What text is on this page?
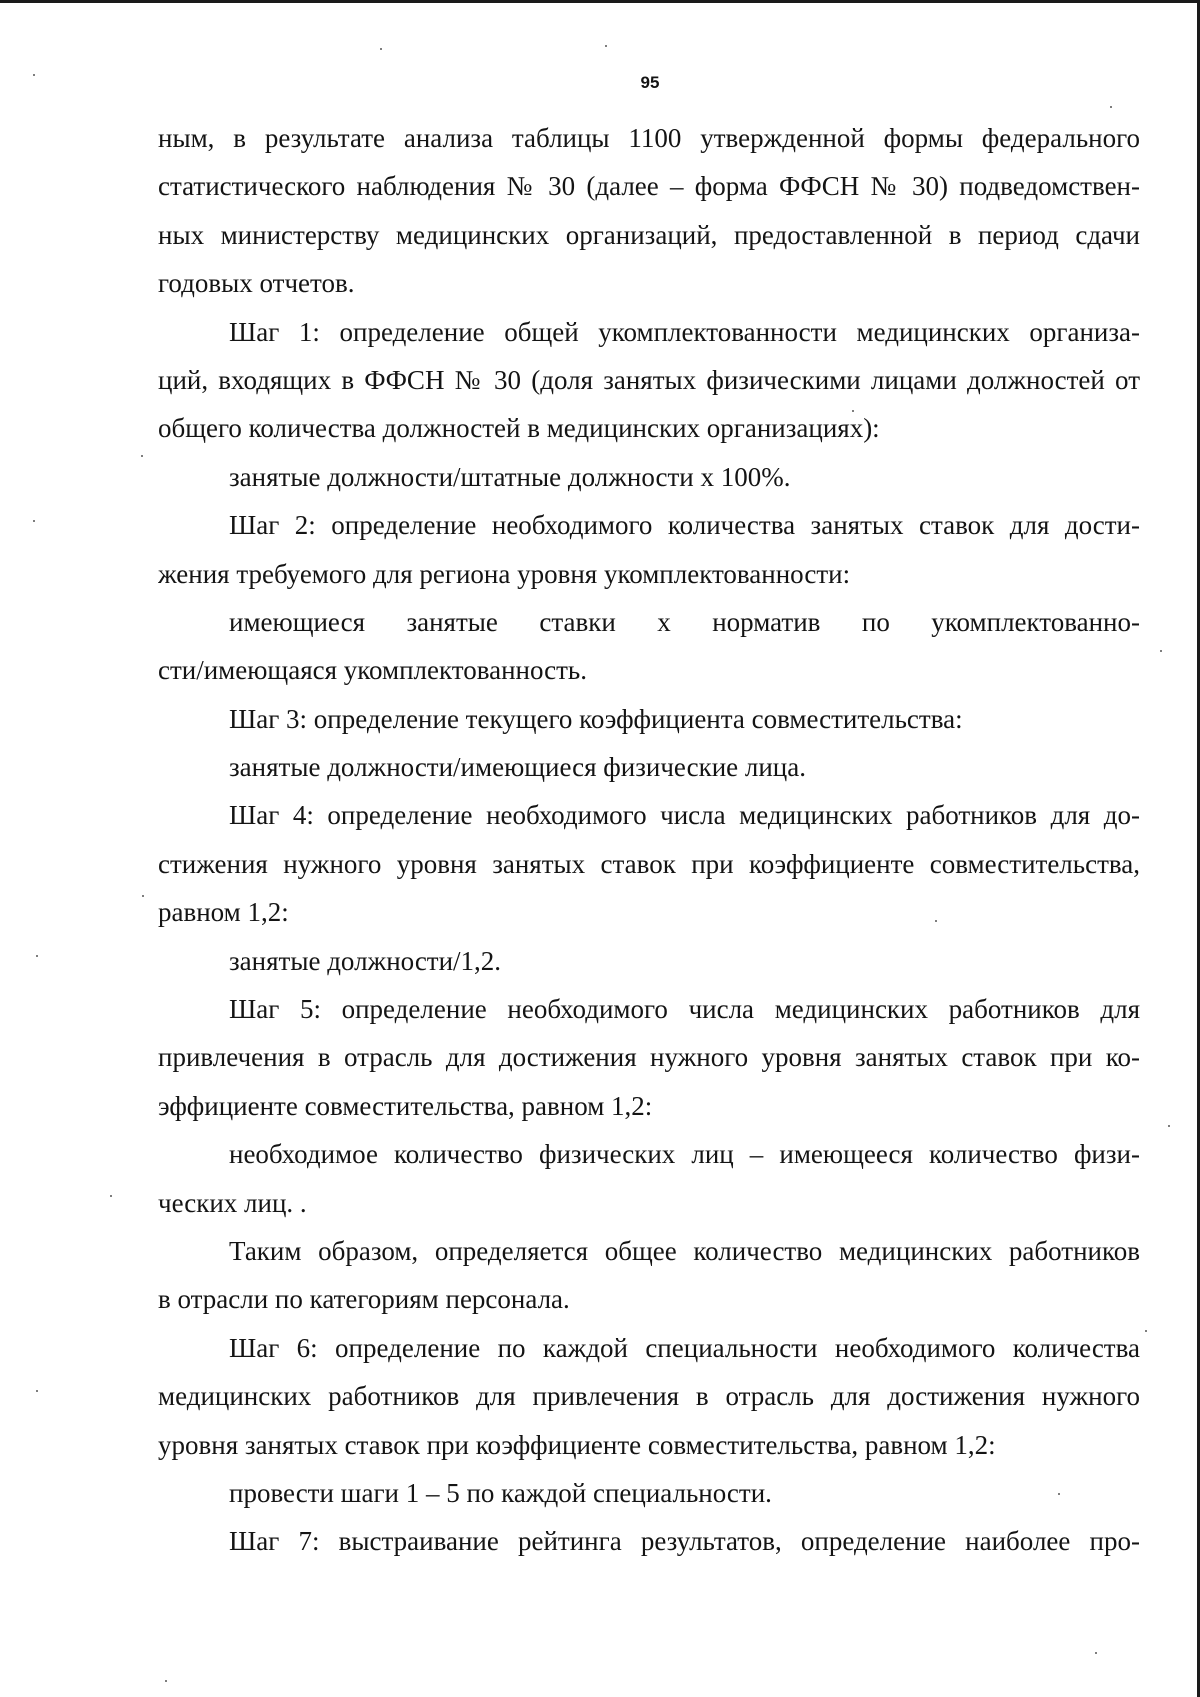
95
ным, в результате анализа таблицы 1100 утвержденной формы федерального
статистического наблюдения № 30 (далее – форма ФФСН № 30) подведомствен-
ных министерству медицинских организаций, предоставленной в период сдачи
годовых отчетов.
Шаг 1: определение общей укомплектованности медицинских организа-
ций, входящих в ФФСН № 30 (доля занятых физическими лицами должностей от
общего количества должностей в медицинских организациях):
занятые должности/штатные должности х 100%.
Шаг 2: определение необходимого количества занятых ставок для дости-
жения требуемого для региона уровня укомплектованности:
имеющиеся занятые ставки х норматив по укомплектованно-
сти/имеющаяся укомплектованность.
Шаг 3: определение текущего коэффициента совместительства:
занятые должности/имеющиеся физические лица.
Шаг 4: определение необходимого числа медицинских работников для до-
стижения нужного уровня занятых ставок при коэффициенте совместительства,
равном 1,2:
занятые должности/1,2.
Шаг 5: определение необходимого числа медицинских работников для
привлечения в отрасль для достижения нужного уровня занятых ставок при ко-
эффициенте совместительства, равном 1,2:
необходимое количество физических лиц – имеющееся количество физи-
ческих лиц. .
Таким образом, определяется общее количество медицинских работников
в отрасли по категориям персонала.
Шаг 6: определение по каждой специальности необходимого количества
медицинских работников для привлечения в отрасль для достижения нужного
уровня занятых ставок при коэффициенте совместительства, равном 1,2:
провести шаги 1 – 5 по каждой специальности.
Шаг 7: выстраивание рейтинга результатов, определение наиболее про-
